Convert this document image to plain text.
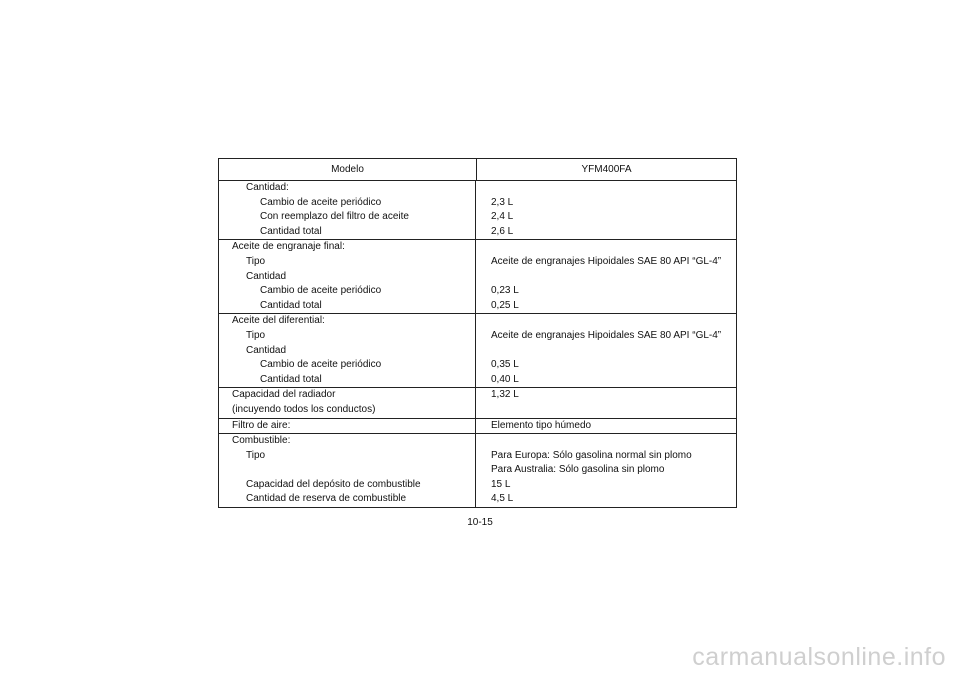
Modelo	YFM400FA
Cantidad:
Cambio de aceite periódico	2,3 L
Con reemplazo del filtro de aceite	2,4 L
Cantidad total	2,6 L
Aceite de engranaje final:
Tipo	Aceite de engranajes Hipoidales SAE 80 API “GL-4”
Cantidad
Cambio de aceite periódico	0,23 L
Cantidad total	0,25 L
Aceite del diferential:
Tipo	Aceite de engranajes Hipoidales SAE 80 API “GL-4”
Cantidad
Cambio de aceite periódico	0,35 L
Cantidad total	0,40 L
Capacidad del radiador	1,32 L
(incuyendo todos los conductos)
Filtro de aire:	Elemento tipo húmedo
Combustible:
Tipo	Para Europa: Sólo gasolina normal sin plomo
Para Australia: Sólo gasolina sin plomo
Capacidad del depósito de combustible	15 L
Cantidad de reserva de combustible	4,5 L
10-15
carmanualsonline.info
